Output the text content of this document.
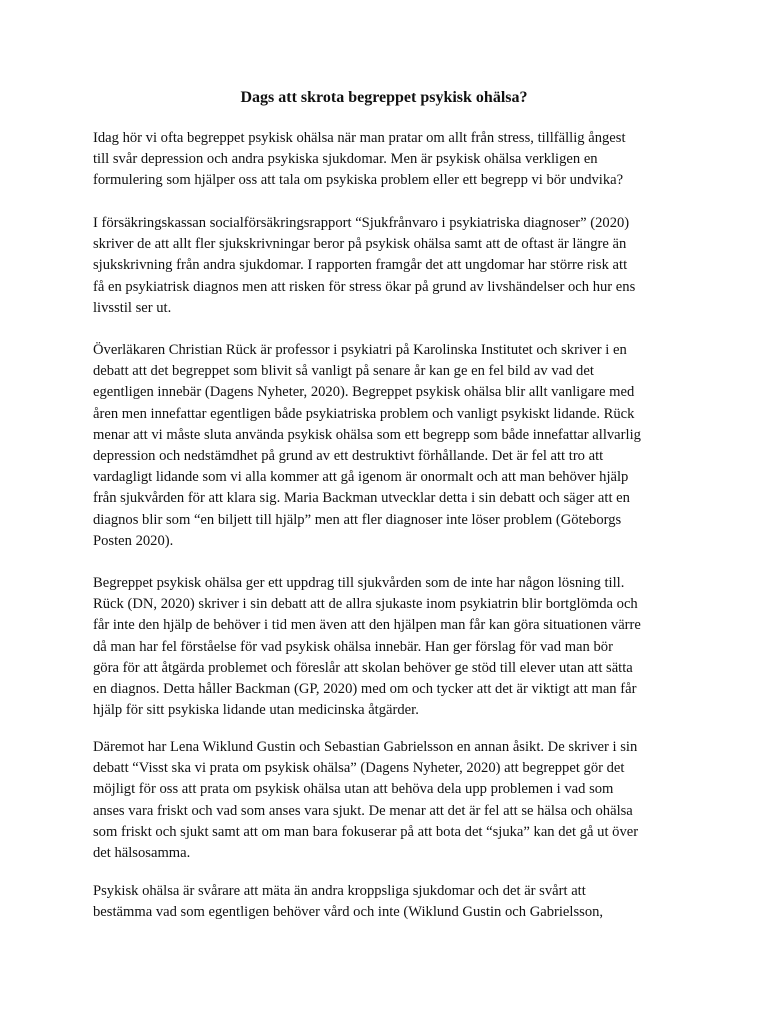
Dags att skrota begreppet psykisk ohälsa?

Idag hör vi ofta begreppet psykisk ohälsa när man pratar om allt från stress, tillfällig ångest
till svår depression och andra psykiska sjukdomar. Men är psykisk ohälsa verkligen en
formulering som hjälper oss att tala om psykiska problem eller ett begrepp vi bör undvika?

I försäkringskassan socialförsäkringsrapport “Sjukfrånvaro i psykiatriska diagnoser” (2020)
skriver de att allt fler sjukskrivningar beror på psykisk ohälsa samt att de oftast är längre än
sjukskrivning från andra sjukdomar. I rapporten framgår det att ungdomar har större risk att
få en psykiatrisk diagnos men att risken för stress ökar på grund av livshändelser och hur ens
livsstil ser ut.

Överläkaren Christian Rück är professor i psykiatri på Karolinska Institutet och skriver i en
debatt att det begreppet som blivit så vanligt på senare år kan ge en fel bild av vad det
egentligen innebär (Dagens Nyheter, 2020). Begreppet psykisk ohälsa blir allt vanligare med
åren men innefattar egentligen både psykiatriska problem och vanligt psykiskt lidande. Rück
menar att vi måste sluta använda psykisk ohälsa som ett begrepp som både innefattar allvarlig
depression och nedstämdhet på grund av ett destruktivt förhållande. Det är fel att tro att
vardagligt lidande som vi alla kommer att gå igenom är onormalt och att man behöver hjälp
från sjukvården för att klara sig. Maria Backman utvecklar detta i sin debatt och säger att en
diagnos blir som “en biljett till hjälp” men att fler diagnoser inte löser problem (Göteborgs
Posten 2020).

Begreppet psykisk ohälsa ger ett uppdrag till sjukvården som de inte har någon lösning till.
Rück (DN, 2020) skriver i sin debatt att de allra sjukaste inom psykiatrin blir bortglömda och
får inte den hjälp de behöver i tid men även att den hjälpen man får kan göra situationen värre
då man har fel förståelse för vad psykisk ohälsa innebär. Han ger förslag för vad man bör
göra för att åtgärda problemet och föreslår att skolan behöver ge stöd till elever utan att sätta
en diagnos. Detta håller Backman (GP, 2020) med om och tycker att det är viktigt att man får
hjälp för sitt psykiska lidande utan medicinska åtgärder.

Däremot har Lena Wiklund Gustin och Sebastian Gabrielsson en annan åsikt. De skriver i sin
debatt “Visst ska vi prata om psykisk ohälsa” (Dagens Nyheter, 2020) att begreppet gör det
möjligt för oss att prata om psykisk ohälsa utan att behöva dela upp problemen i vad som
anses vara friskt och vad som anses vara sjukt. De menar att det är fel att se hälsa och ohälsa
som friskt och sjukt samt att om man bara fokuserar på att bota det “sjuka” kan det gå ut över
det hälsosamma.

Psykisk ohälsa är svårare att mäta än andra kroppsliga sjukdomar och det är svårt att
bestämma vad som egentligen behöver vård och inte (Wiklund Gustin och Gabrielsson,
